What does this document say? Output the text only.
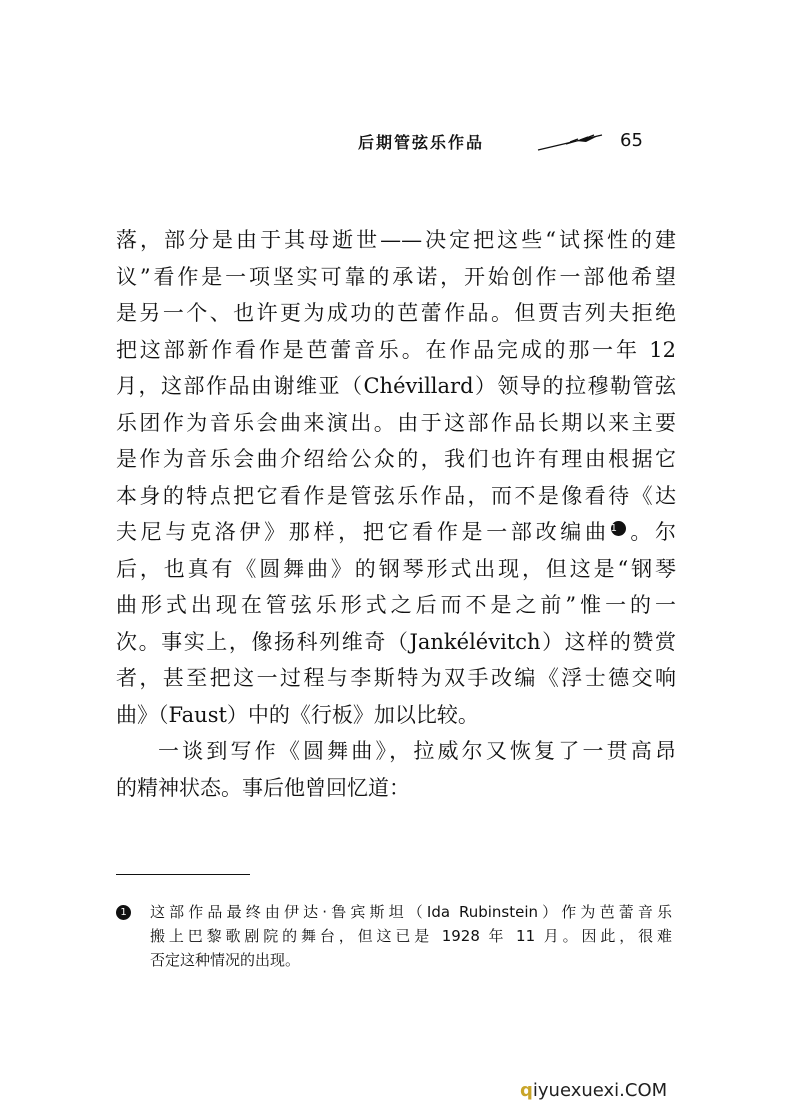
后期管弦乐作品	65

落，部分是由于其母逝世——决定把这些“试探性的建
议”看作是一项坚实可靠的承诺，开始创作一部他希望
是另一个、也许更为成功的芭蕾作品。但贾吉列夫拒绝
把这部新作看作是芭蕾音乐。在作品完成的那一年 12
月，这部作品由谢维亚（Chévillard）领导的拉穆勒管弦
乐团作为音乐会曲来演出。由于这部作品长期以来主要
是作为音乐会曲介绍给公众的，我们也许有理由根据它
本身的特点把它看作是管弦乐作品，而不是像看待《达
夫尼与克洛伊》那样，把它看作是一部改编曲$^1$ 。尔
后，也真有《圆舞曲》的钢琴形式出现，但这是“钢琴
曲形式出现在管弦乐形式之后而不是之前”惟一的一
次。事实上，像扬科列维奇（Jankélévitch）这样的赞赏
者，甚至把这一过程与李斯特为双手改编《浮士德交响
曲》（Faust）中的《行板》加以比较。

一谈到写作《圆舞曲》，拉威尔又恢复了一贯高昂
的精神状态。事后他曾回忆道：

1 这部作品最终由伊达·鲁宾斯坦（Ida Rubinstein）作为芭蕾音乐
搬上巴黎歌剧院的舞台，但这已是 1928 年 11 月。因此，很难
否定这种情况的出现。
qiyuexuexi.COM
